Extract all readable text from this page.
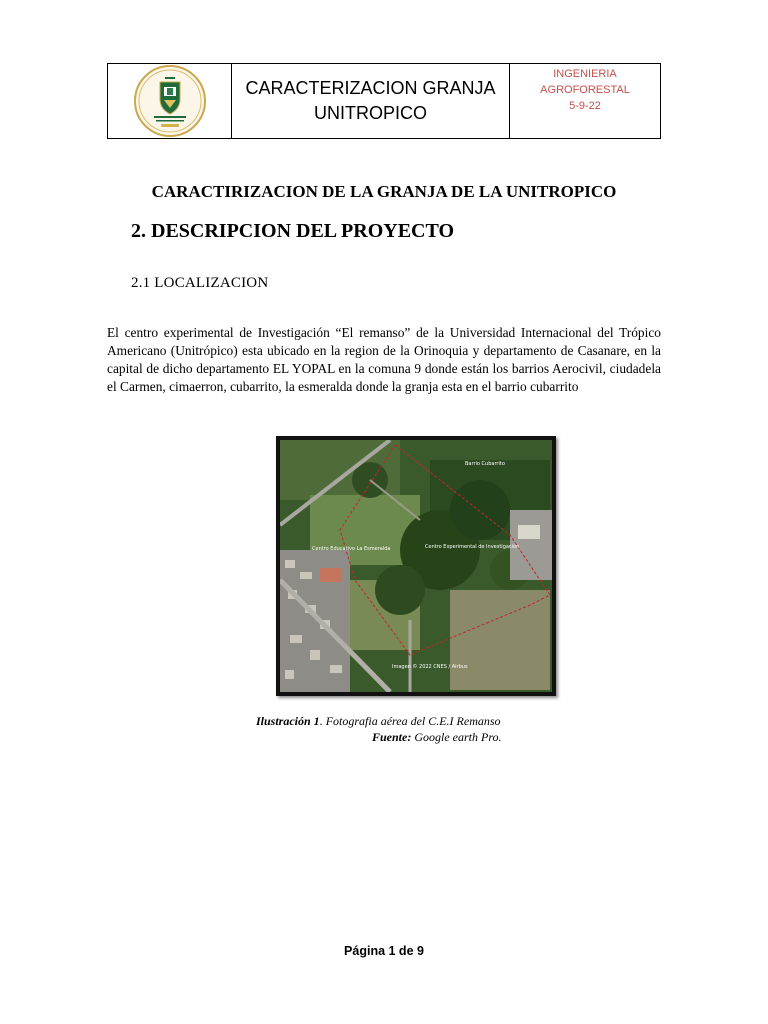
CARACTERIZACION GRANJA
UNITROPICO
INGENIERIA
AGROFORESTAL
5-9-22
CARACTIRIZACION DE LA GRANJA DE LA UNITROPICO
2. DESCRIPCION DEL PROYECTO
2.1 LOCALIZACION
El centro experimental de Investigación “El remanso” de la Universidad Internacional del Trópico Americano (Unitrópico) esta ubicado en la region de la Orinoquia y departamento de Casanare, en la capital de dicho departamento EL YOPAL en la comuna 9 donde están los barrios Aerocivil, ciudadela el Carmen, cimaerron, cubarrito, la esmeralda donde la granja esta en el barrio cubarrito
Centro Educativo La Esmeralda	Centro Experimental de Investigación
Imagen © 2022 CNES / Airbus
Barrio Cubarrito
Ilustración 1. Fotografia aérea del C.E.I Remanso
Fuente: Google earth Pro.
Página 1 de 9
